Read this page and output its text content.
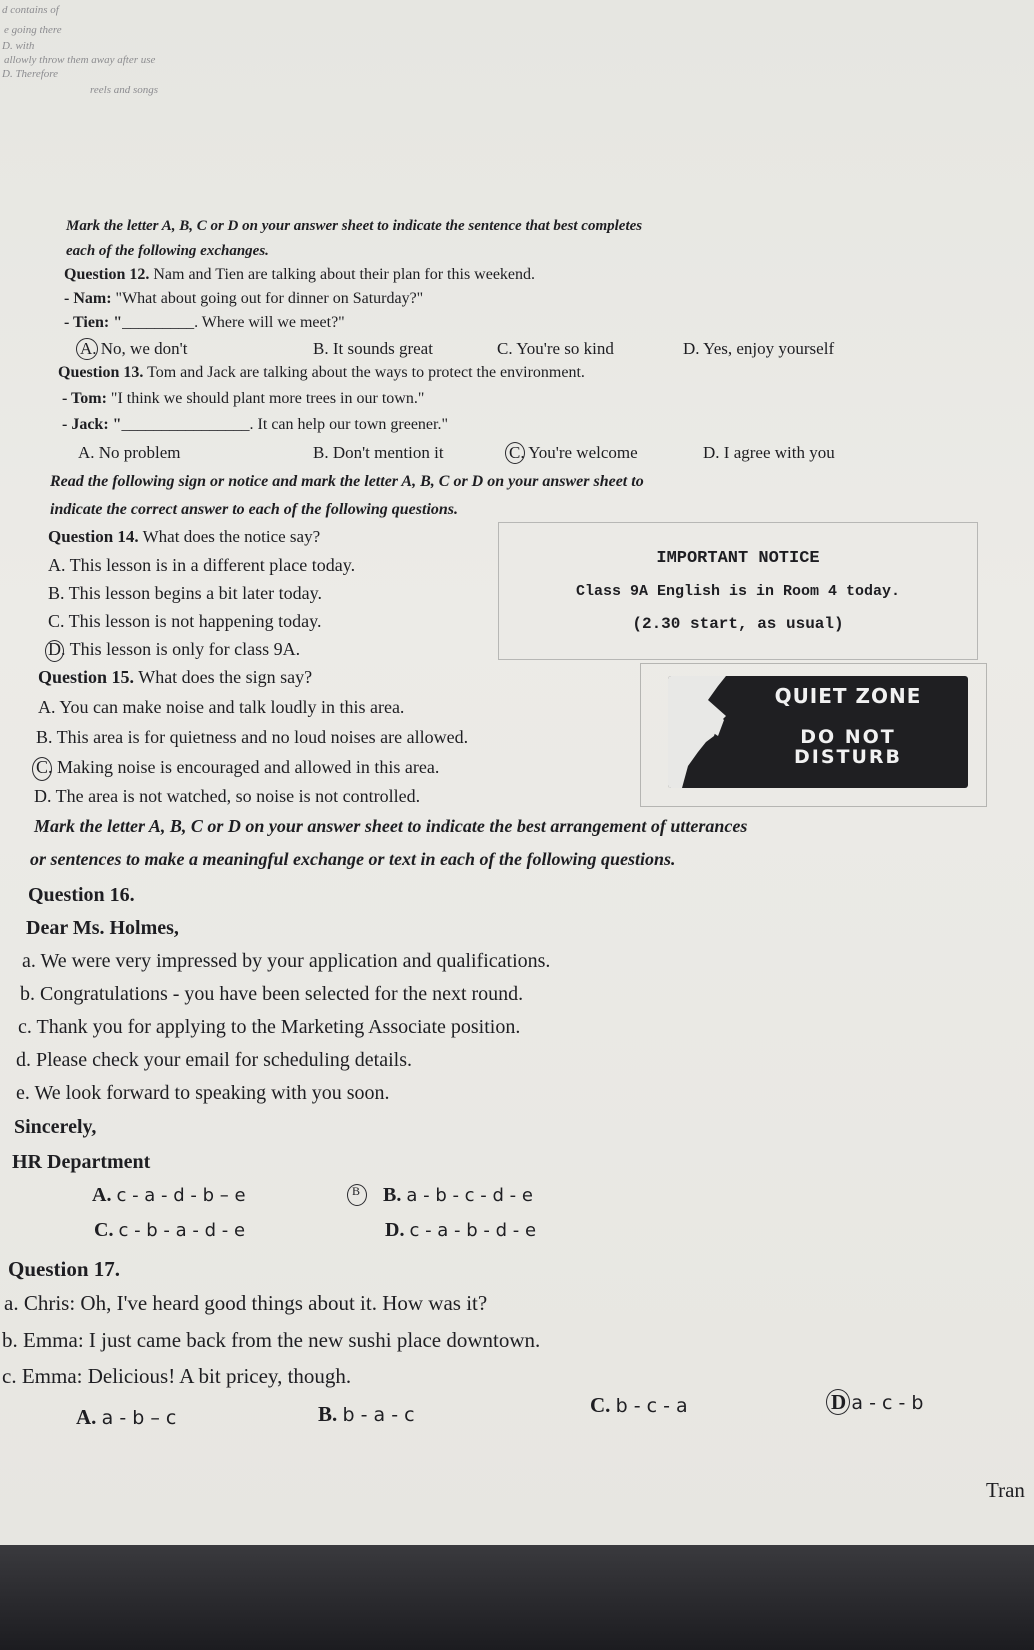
d contains of
e going there
D. with
allowly throw them away after use
D. Therefore
reels and songs
Mark the letter A, B, C or D on your answer sheet to indicate the sentence that best completes
each of the following exchanges.
Question 12. Nam and Tien are talking about their plan for this weekend.
- Nam: "What about going out for dinner on Saturday?"
- Tien: "_________. Where will we meet?"
A. No, we don't	B. It sounds great	C. You're so kind	D. Yes, enjoy yourself
Question 13. Tom and Jack are talking about the ways to protect the environment.
- Tom: "I think we should plant more trees in our town."
- Jack: "________________. It can help our town greener."
A. No problem	B. Don't mention it	C. You're welcome	D. I agree with you
Read the following sign or notice and mark the letter A, B, C or D on your answer sheet to
indicate the correct answer to each of the following questions.
Question 14. What does the notice say?
A. This lesson is in a different place today.
B. This lesson begins a bit later today.
C. This lesson is not happening today.
D. This lesson is only for class 9A.
IMPORTANT NOTICE
Class 9A English is in Room 4 today.
(2.30 start, as usual)
Question 15. What does the sign say?
A. You can make noise and talk loudly in this area.
B. This area is for quietness and no loud noises are allowed.
C. Making noise is encouraged and allowed in this area.
D. The area is not watched, so noise is not controlled.
QUIET ZONE
DO NOT
DISTURB
Mark the letter A, B, C or D on your answer sheet to indicate the best arrangement of utterances
or sentences to make a meaningful exchange or text in each of the following questions.
Question 16.
Dear Ms. Holmes,
a. We were very impressed by your application and qualifications.
b. Congratulations - you have been selected for the next round.
c. Thank you for applying to the Marketing Associate position.
d. Please check your email for scheduling details.
e. We look forward to speaking with you soon.
Sincerely,
HR Department
A. c - a - d - b – e	B B. a - b - c - d - e
C. c - b - a - d - e	D. c - a - b - d - e
Question 17.
a. Chris: Oh, I've heard good things about it. How was it?
b. Emma: I just came back from the new sushi place downtown.
c. Emma: Delicious! A bit pricey, though.
A. a - b – c	B. b - a - c	C. b - c - a	D a - c - b
Tran
